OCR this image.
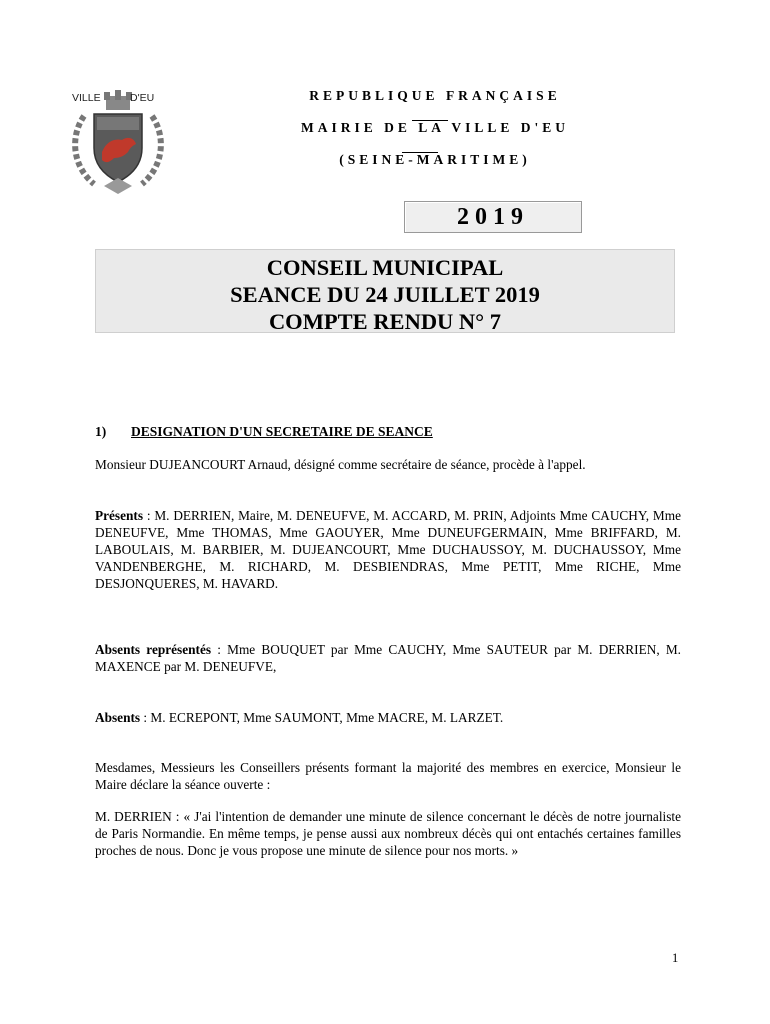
VILLE	D'EU	REPUBLIQUE FRANÇAISE
MAIRIE DE LA VILLE D'EU
(SEINE-MARITIME)
2019
CONSEIL MUNICIPAL
SEANCE DU 24 JUILLET 2019
COMPTE RENDU N° 7
1) DESIGNATION D'UN SECRETAIRE DE SEANCE
Monsieur DUJEANCOURT Arnaud, désigné comme secrétaire de séance, procède à l'appel.
Présents : M. DERRIEN, Maire, M. DENEUFVE, M. ACCARD, M. PRIN, Adjoints Mme CAUCHY, Mme DENEUFVE, Mme THOMAS, Mme GAOUYER, Mme DUNEUFGERMAIN, Mme BRIFFARD, M. LABOULAIS, M. BARBIER, M. DUJEANCOURT, Mme DUCHAUSSOY, M. DUCHAUSSOY, Mme VANDENBERGHE, M. RICHARD, M. DESBIENDRAS, Mme PETIT, Mme RICHE, Mme DESJONQUERES, M. HAVARD.
Absents représentés : Mme BOUQUET par Mme CAUCHY, Mme SAUTEUR par M. DERRIEN, M. MAXENCE par M. DENEUFVE,
Absents : M. ECREPONT, Mme SAUMONT, Mme MACRE, M. LARZET.
Mesdames, Messieurs les Conseillers présents formant la majorité des membres en exercice, Monsieur le Maire déclare la séance ouverte :
M. DERRIEN : « J'ai l'intention de demander une minute de silence concernant le décès de notre journaliste de Paris Normandie. En même temps, je pense aussi aux nombreux décès qui ont entachés certaines familles proches de nous. Donc je vous propose une minute de silence pour nos morts. »
1
